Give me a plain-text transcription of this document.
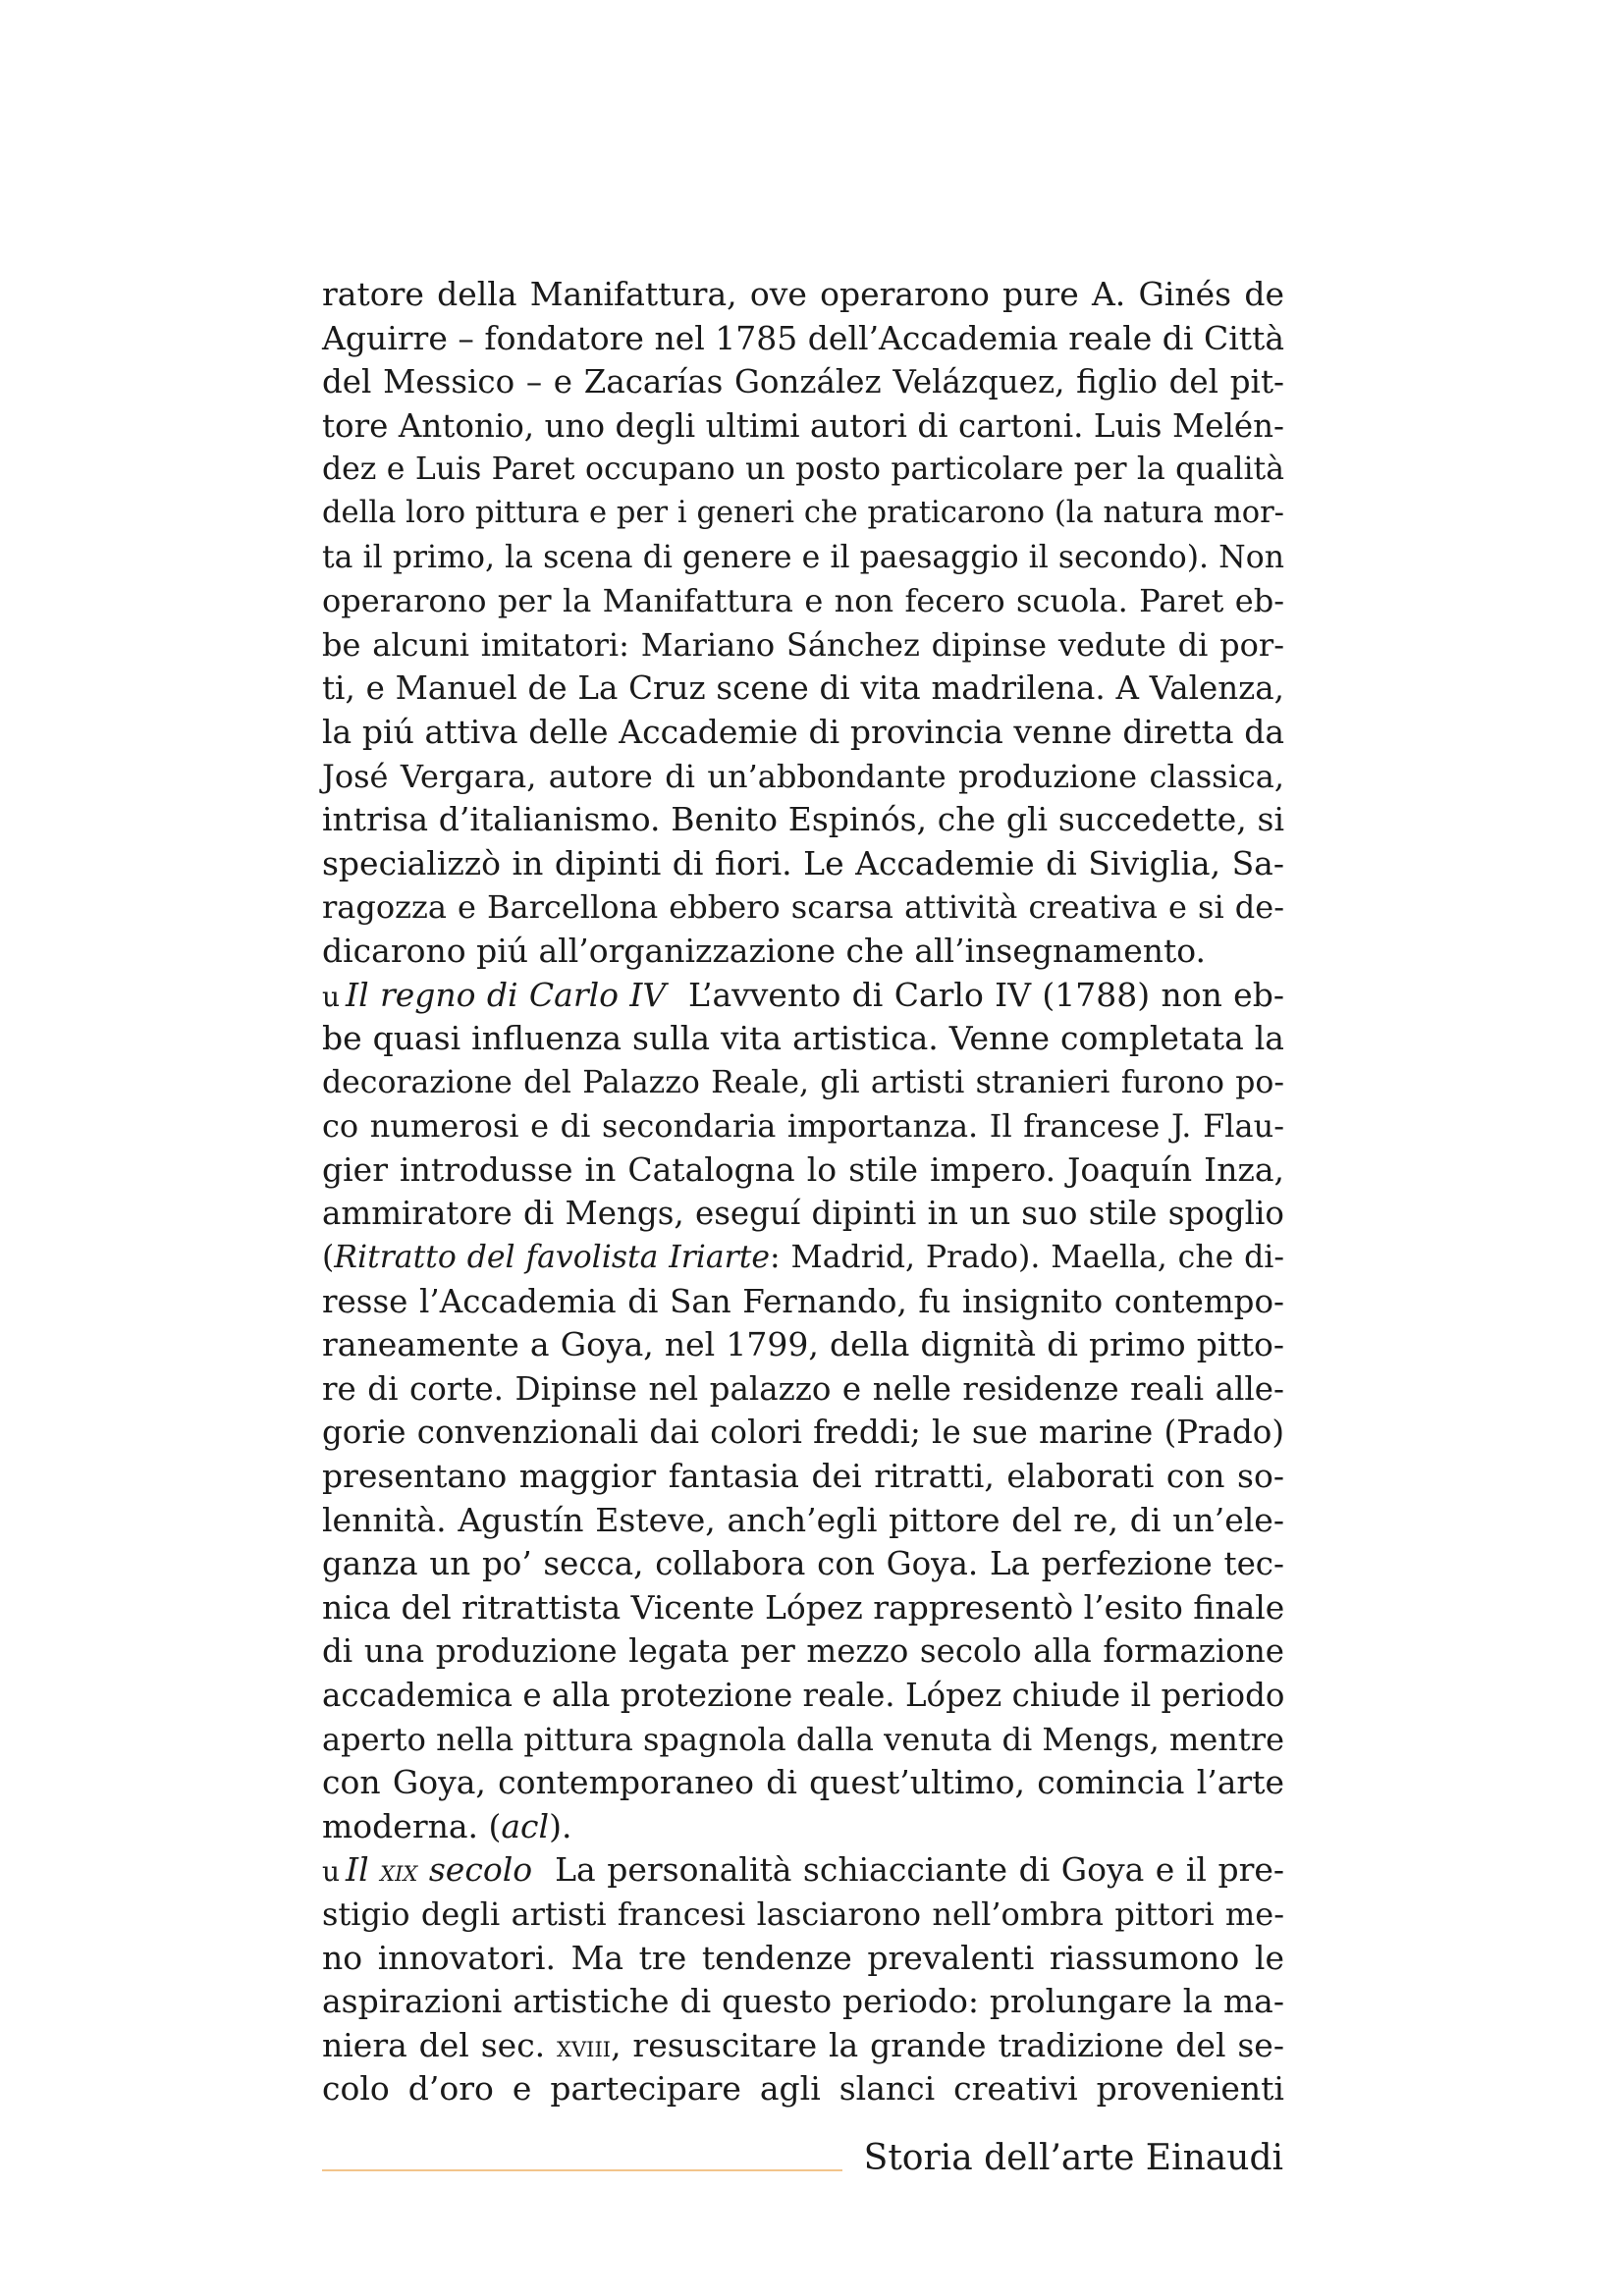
ratore della Manifattura, ove operarono pure A. Ginés de
Aguirre – fondatore nel 1785 dell’Accademia reale di Città
del Messico – e Zacarías González Velázquez, figlio del pit-
tore Antonio, uno degli ultimi autori di cartoni. Luis Melén-
dez e Luis Paret occupano un posto particolare per la qualità
della loro pittura e per i generi che praticarono (la natura mor-
ta il primo, la scena di genere e il paesaggio il secondo). Non
operarono per la Manifattura e non fecero scuola. Paret eb-
be alcuni imitatori: Mariano Sánchez dipinse vedute di por-
ti, e Manuel de La Cruz scene di vita madrilena. A Valenza,
la piú attiva delle Accademie di provincia venne diretta da
José Vergara, autore di un’abbondante produzione classica,
intrisa d’italianismo. Benito Espinós, che gli succedette, si
specializzò in dipinti di fiori. Le Accademie di Siviglia, Sa-
ragozza e Barcellona ebbero scarsa attività creativa e si de-
dicarono piú all’organizzazione che all’insegnamento.
u Il regno di Carlo IV L’avvento di Carlo IV (1788) non eb-
be quasi influenza sulla vita artistica. Venne completata la
decorazione del Palazzo Reale, gli artisti stranieri furono po-
co numerosi e di secondaria importanza. Il francese J. Flau-
gier introdusse in Catalogna lo stile impero. Joaquín Inza,
ammiratore di Mengs, eseguí dipinti in un suo stile spoglio
(Ritratto del favolista Iriarte: Madrid, Prado). Maella, che di-
resse l’Accademia di San Fernando, fu insignito contempo-
raneamente a Goya, nel 1799, della dignità di primo pitto-
re di corte. Dipinse nel palazzo e nelle residenze reali alle-
gorie convenzionali dai colori freddi; le sue marine (Prado)
presentano maggior fantasia dei ritratti, elaborati con so-
lennità. Agustín Esteve, anch’egli pittore del re, di un’ele-
ganza un po’ secca, collabora con Goya. La perfezione tec-
nica del ritrattista Vicente López rappresentò l’esito finale
di una produzione legata per mezzo secolo alla formazione
accademica e alla protezione reale. López chiude il periodo
aperto nella pittura spagnola dalla venuta di Mengs, mentre
con Goya, contemporaneo di quest’ultimo, comincia l’arte
moderna. (acl).
u Il xix secolo La personalità schiacciante di Goya e il pre-
stigio degli artisti francesi lasciarono nell’ombra pittori me-
no innovatori. Ma tre tendenze prevalenti riassumono le
aspirazioni artistiche di questo periodo: prolungare la ma-
niera del sec. xviii, resuscitare la grande tradizione del se-
colo d’oro e partecipare agli slanci creativi provenienti
Storia dell’arte Einaudi
